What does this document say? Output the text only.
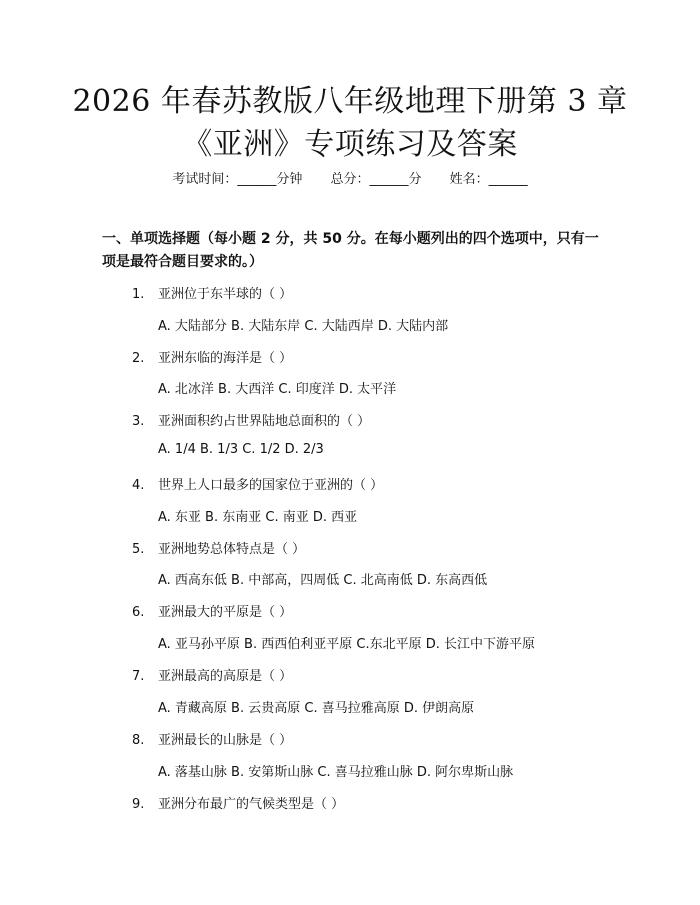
2026 年春苏教版八年级地理下册第 3 章《亚洲》专项练习及答案
考试时间：______分钟 总分：______分 姓名：______
一、单项选择题（每小题 2 分，共 50 分。在每小题列出的四个选项中，只有一项是最符合题目要求的。）
1. 亚洲位于东半球的（ ）
A. 大陆部分 B. 大陆东岸 C. 大陆西岸 D. 大陆内部
2. 亚洲东临的海洋是（ ）
A. 北冰洋 B. 大西洋 C. 印度洋 D. 太平洋
3. 亚洲面积约占世界陆地总面积的（ ）
A. 1/4 B. 1/3 C. 1/2 D. 2/3
4. 世界上人口最多的国家位于亚洲的（ ）
A. 东亚 B. 东南亚 C. 南亚 D. 西亚
5. 亚洲地势总体特点是（ ）
A. 西高东低 B. 中部高，四周低 C. 北高南低 D. 东高西低
6. 亚洲最大的平原是（ ）
A. 亚马孙平原 B. 西西伯利亚平原 C.东北平原 D. 长江中下游平原
7. 亚洲最高的高原是（ ）
A. 青藏高原 B. 云贵高原 C. 喜马拉雅高原 D. 伊朗高原
8. 亚洲最长的山脉是（ ）
A. 落基山脉 B. 安第斯山脉 C. 喜马拉雅山脉 D. 阿尔卑斯山脉
9. 亚洲分布最广的气候类型是（ ）
